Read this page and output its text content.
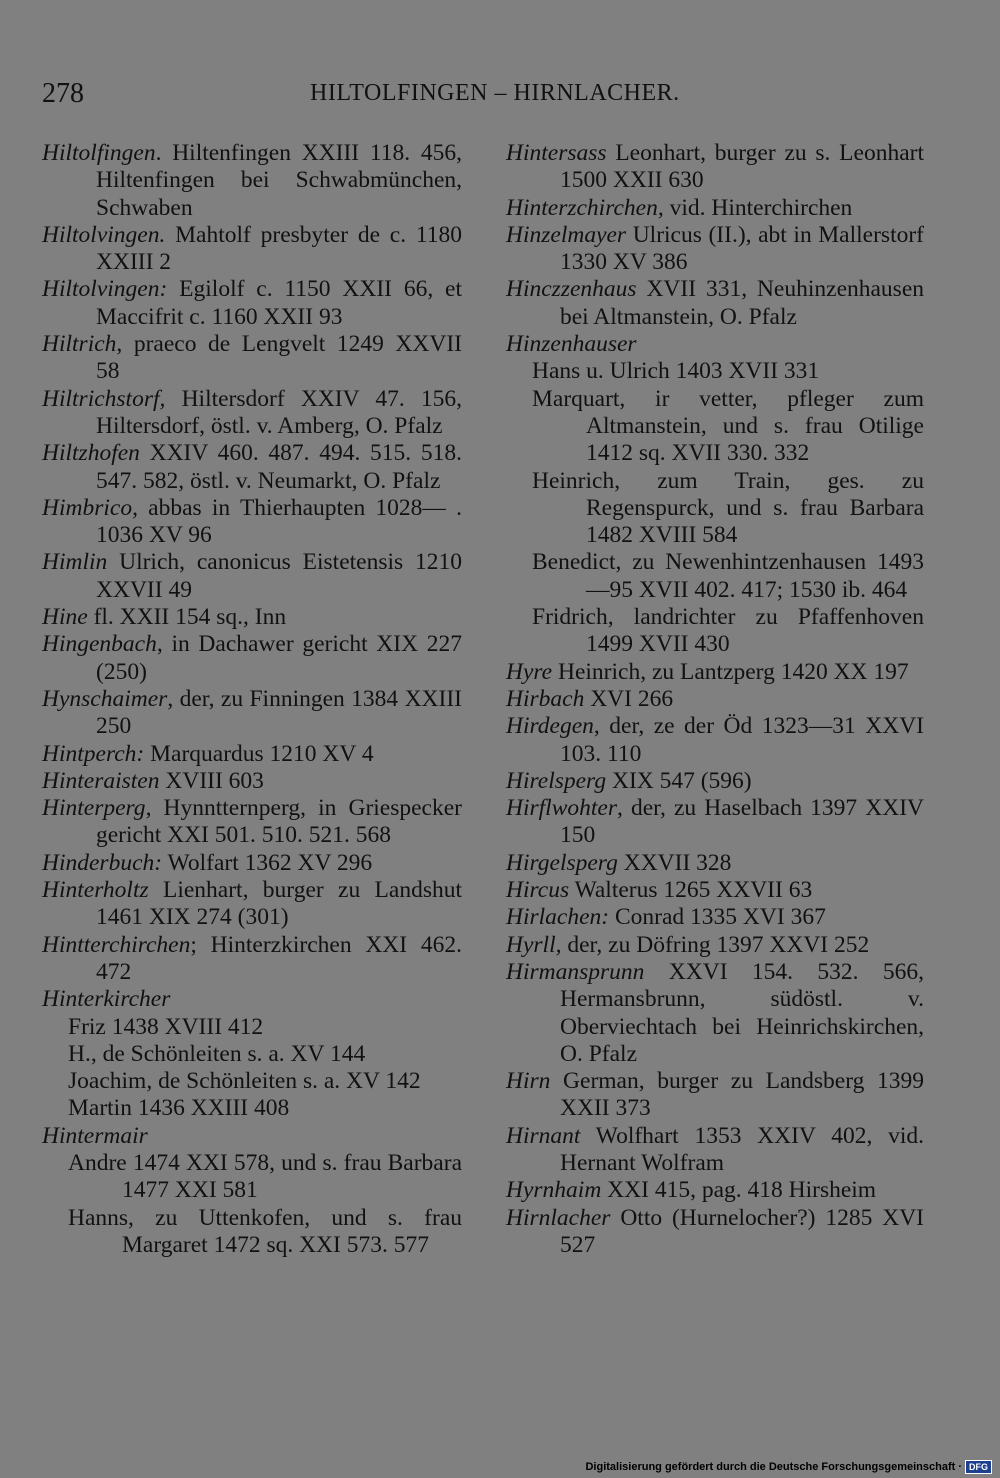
278	HILTOLFINGEN – HIRNLACHER.

Hiltolfingen. Hiltenfingen XXIII 118. 456, Hiltenfingen bei Schwabmünchen, Schwaben

Hiltolvingen. Mahtolf presbyter de c. 1180 XXIII 2

Hiltolvingen: Egilolf c. 1150 XXII 66, et Maccifrit c. 1160 XXII 93

Hiltrich, praeco de Lengvelt 1249 XXVII 58

Hiltrichstorf, Hiltersdorf XXIV 47. 156, Hiltersdorf, östl. v. Amberg, O. Pfalz

Hiltzhofen XXIV 460. 487. 494. 515. 518. 547. 582, östl. v. Neumarkt, O. Pfalz

Himbrico, abbas in Thierhaupten 1028— . 1036 XV 96

Himlin Ulrich, canonicus Eistetensis 1210 XXVII 49

Hine fl. XXII 154 sq., Inn

Hingenbach, in Dachawer gericht XIX 227 (250)

Hynschaimer, der, zu Finningen 1384 XXIII 250

Hintperch: Marquardus 1210 XV 4

Hinteraisten XVIII 603

Hinterperg, Hynntternperg, in Griespecker gericht XXI 501. 510. 521. 568

Hinderbuch: Wolfart 1362 XV 296

Hinterholtz Lienhart, burger zu Landshut 1461 XIX 274 (301)

Hintterchirchen; Hinterzkirchen XXI 462. 472

Hinterkircher

Friz 1438 XVIII 412

H., de Schönleiten s. a. XV 144

Joachim, de Schönleiten s. a. XV 142

Martin 1436 XXIII 408

Hintermair

Andre 1474 XXI 578, und s. frau Barbara 1477 XXI 581

Hanns, zu Uttenkofen, und s. frau Margaret 1472 sq. XXI 573. 577

Hintersass Leonhart, burger zu s. Leonhart 1500 XXII 630

Hinterzchirchen, vid. Hinterchirchen

Hinzelmayer Ulricus (II.), abt in Mallerstorf 1330 XV 386

Hinczzenhaus XVII 331, Neuhinzenhausen bei Altmanstein, O. Pfalz

Hinzenhauser

Hans u. Ulrich 1403 XVII 331

Marquart, ir vetter, pfleger zum Altmanstein, und s. frau Otilige 1412 sq. XVII 330. 332

Heinrich, zum Train, ges. zu Regenspurck, und s. frau Barbara 1482 XVIII 584

Benedict, zu Newenhintzenhausen 1493—95 XVII 402. 417; 1530 ib. 464

Fridrich, landrichter zu Pfaffenhoven 1499 XVII 430

Hyre Heinrich, zu Lantzperg 1420 XX 197

Hirbach XVI 266

Hirdegen, der, ze der Öd 1323—31 XXVI 103. 110

Hirelsperg XIX 547 (596)

Hirflwohter, der, zu Haselbach 1397 XXIV 150

Hirgelsperg XXVII 328

Hircus Walterus 1265 XXVII 63

Hirlachen: Conrad 1335 XVI 367

Hyrll, der, zu Döfring 1397 XXVI 252

Hirmansprunn XXVI 154. 532. 566, Hermansbrunn, südöstl. v. Oberviechtach bei Heinrichskirchen, O. Pfalz

Hirn German, burger zu Landsberg 1399 XXII 373

Hirnant Wolfhart 1353 XXIV 402, vid. Hernant Wolfram

Hyrnhaim XXI 415, pag. 418 Hirsheim

Hirnlacher Otto (Hurnelocher?) 1285 XVI 527

Digitalisierung gefördert durch die Deutsche Forschungsgemeinschaft · DFG
